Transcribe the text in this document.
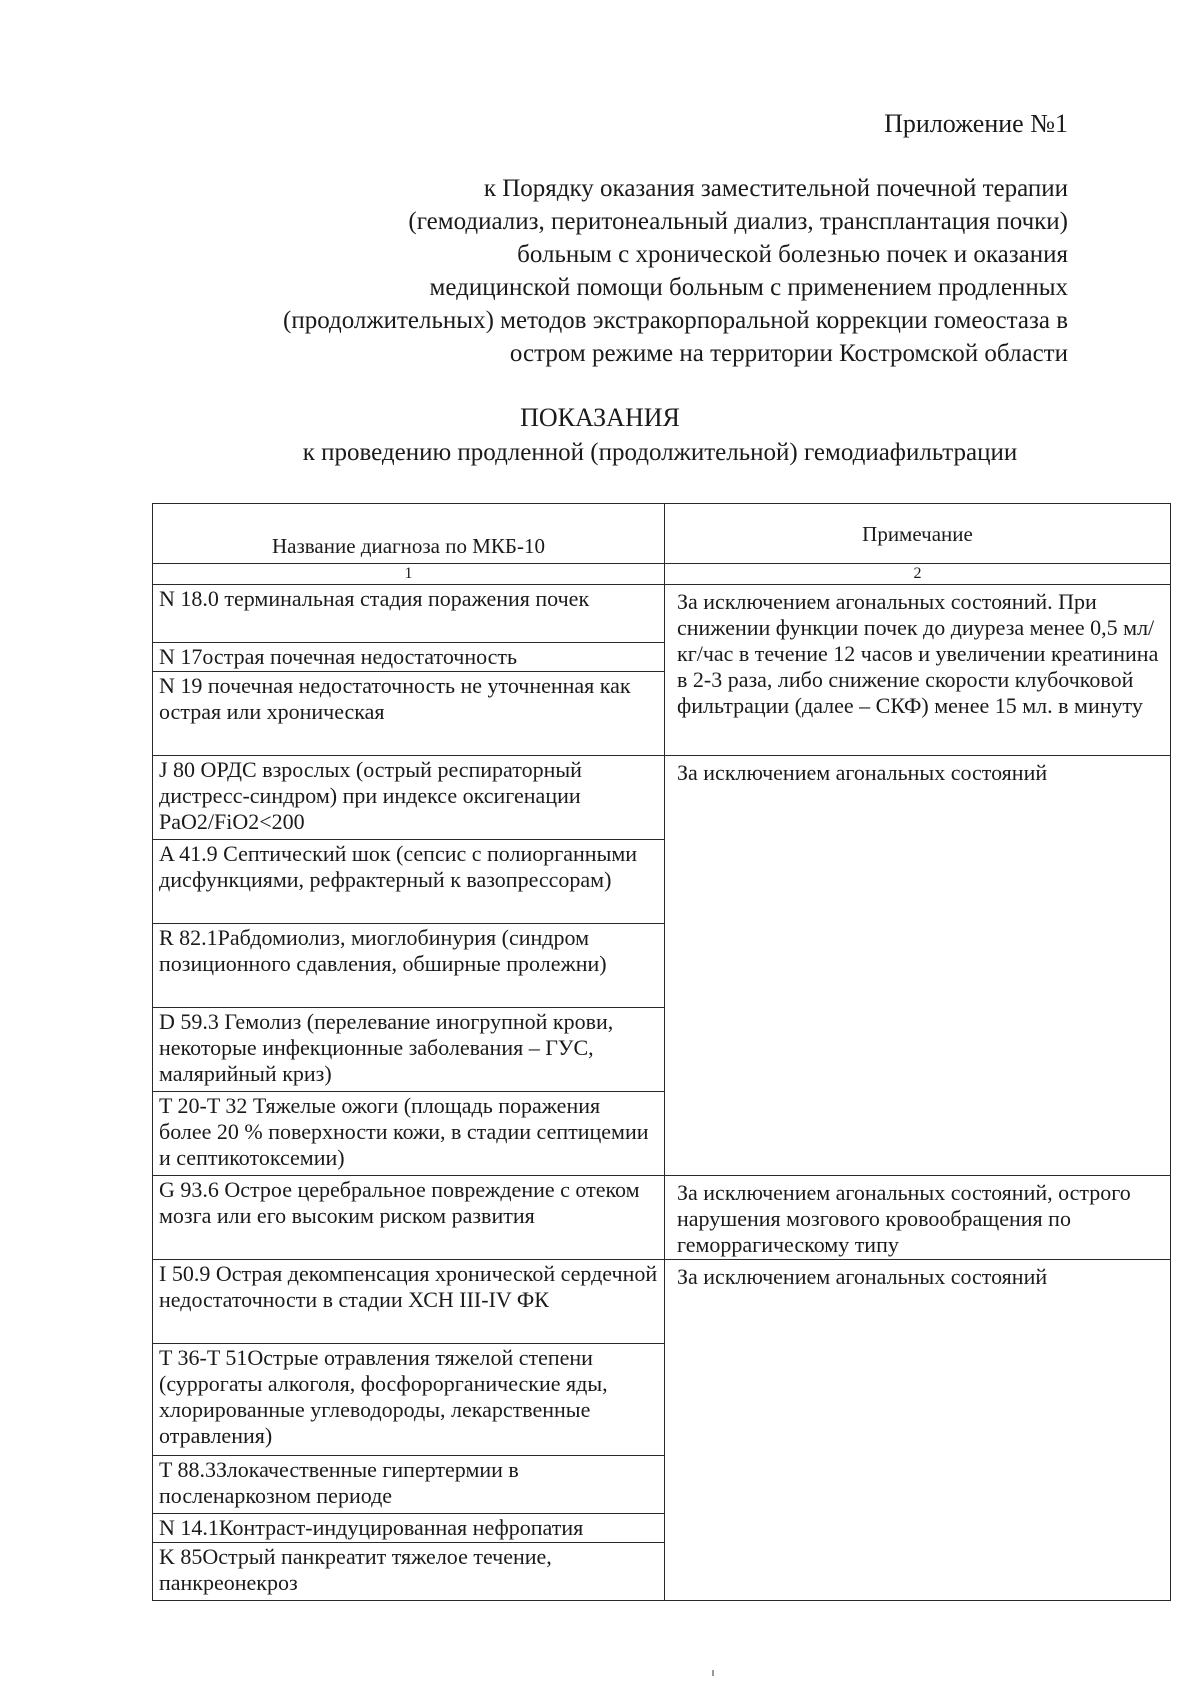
Приложение №1
к Порядку оказания заместительной почечной терапии
(гемодиализ, перитонеальный диализ, трансплантация почки)
больным с хронической болезнью почек и оказания
медицинской помощи больным с применением продленных
(продолжительных) методов экстракорпоральной коррекции гомеостаза в
остром режиме на территории Костромской области
ПОКАЗАНИЯ
к проведению продленной (продолжительной) гемодиафильтрации
Название диагноза по МКБ-10	Примечание
1	2
N 18.0 терминальная стадия поражения почек	За исключением агональных состояний. При снижении функции почек до диуреза менее 0,5 мл/кг/час в течение 12 часов и увеличении креатинина в 2-3 раза, либо снижение скорости клубочковой фильтрации (далее – СКФ) менее 15 мл. в минуту
N 17острая почечная недостаточность	
N 19 почечная недостаточность не уточненная как острая или хроническая	
J 80 ОРДС взрослых (острый респираторный дистресс-синдром) при индексе оксигенации PaO2/FiO2<200	За исключением агональных состояний
A 41.9 Септический шок (сепсис с полиорганными дисфункциями, рефрактерный к вазопрессорам)	
R 82.1Рабдомиолиз, миоглобинурия (синдром позиционного сдавления, обширные пролежни)	
D 59.3 Гемолиз (перелевание иногрупной крови, некоторые инфекционные заболевания – ГУС, малярийный криз)	
T 20-T 32 Тяжелые ожоги (площадь поражения более 20 % поверхности кожи, в стадии септицемии и септикотоксемии)	
G 93.6 Острое церебральное повреждение с отеком мозга или его высоким риском развития	За исключением агональных состояний, острого нарушения мозгового кровообращения по геморрагическому типу
I 50.9 Острая декомпенсация хронической сердечной недостаточности в стадии ХСН III-IV ФК	За исключением агональных состояний
T 36-T 51Острые отравления тяжелой степени (суррогаты алкоголя, фосфорорганические яды, хлорированные углеводороды, лекарственные отравления)	
T 88.3Злокачественные гипертермии в посленаркозном периоде	
N 14.1Контраст-индуцированная нефропатия	
K 85Острый панкреатит тяжелое течение, панкреонекроз	
